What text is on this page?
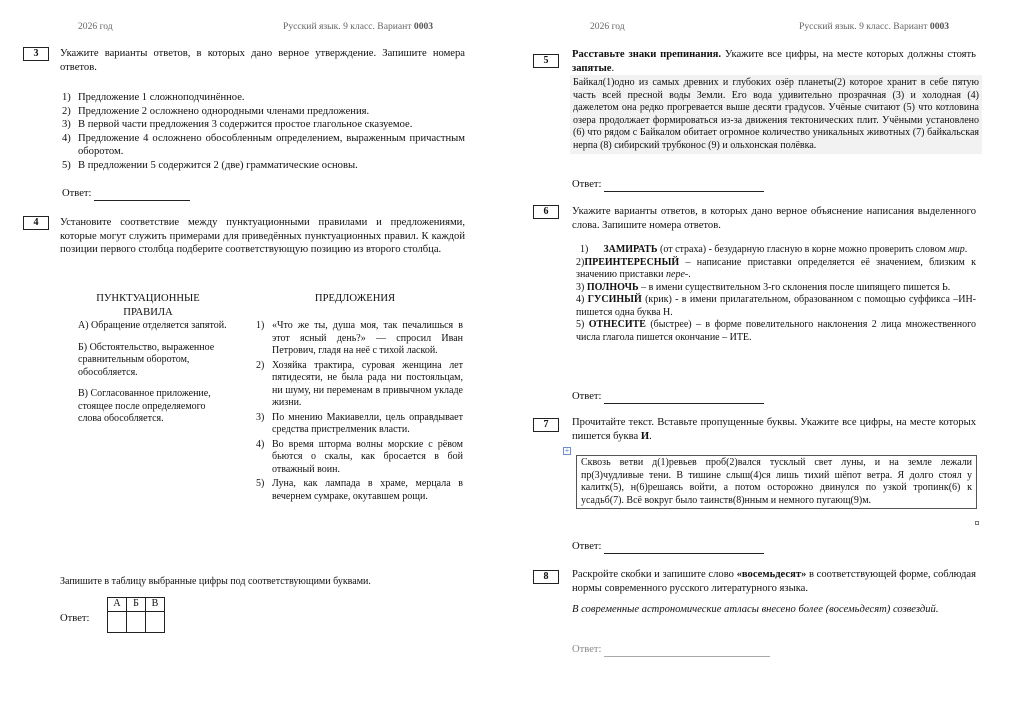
2026 год	Русский язык. 9 класс. Вариант 0003
3	Укажите варианты ответов, в которых дано верное утверждение. Запишите номера ответов.
1) Предложение 1 сложноподчинённое.
2) Предложение 2 осложнено однородными членами предложения.
3) В первой части предложения 3 содержится простое глагольное сказуемое.
4) Предложение 4 осложнено обособленным определением, выраженным причастным оборотом.
5) В предложении 5 содержится 2 (две) грамматические основы.
Ответ:
4	Установите соответствие между пунктуационными правилами и предложениями, которые могут служить примерами для приведённых пунктуационных правил. К каждой позиции первого столбца подберите соответствующую позицию из второго столбца.
ПУНКТУАЦИОННЫЕ ПРАВИЛА
ПРЕДЛОЖЕНИЯ

А) Обращение отделяется запятой.

Б) Обстоятельство, выраженное сравнительным оборотом, обособляется.

В) Согласованное приложение, стоящее после определяемого слова обособляется.

1) «Что же ты, душа моя, так печалишься в этот ясный день?» — спросил Иван Петрович, гладя на неё с тихой лаской.
2) Хозяйка трактира, суровая женщина лет пятидесяти, не была рада ни постояльцам, ни шуму, ни переменам в привычном укладе жизни.
3) По мнению Макиавелли, цель оправдывает средства пристрелменик власти.
4) Во время шторма волны морские с рёвом бьются о скалы, как бросается в бой отважный воин.
5) Луна, как лампада в храме, мерцала в вечернем сумраке, окутавшем рощи.
Запишите в таблицу выбранные цифры под соответствующими буквами.
Ответ:
А	Б	В

2026 год	Русский язык. 9 класс. Вариант 0003
5
Расставьте знаки препинания. Укажите все цифры, на месте которых должны стоять запятые.
Байкал(1)одно из самых древних и глубоких озёр планеты(2) которое хранит в себе пятую часть всей пресной воды Земли. Его вода удивительно прозрачная (3) и холодная (4) дажелетом она редко прогревается выше десяти градусов. Учёные считают (5) что котловина озера продолжает формироваться из-за движения тектонических плит. Учёными установлено (6) что рядом с Байкалом обитает огромное количество уникальных животных (7) байкальская нерпа (8) сибирский трубконос (9) и ольхонская полёвка.
Ответ:
6	Укажите варианты ответов, в которых дано верное объяснение написания выделенного слова. Запишите номера ответов.

1) ЗАМИРАТЬ (от страха) - безударную гласную в корне можно проверить словом мир.

2)ПРЕИНТЕРЕСНЫЙ – написание приставки определяется её значением, близким к значению приставки пере-.

3) ПОЛНОЧЬ – в имени существительном 3-го склонения после шипящего пишется Ь.

4) ГУСИНЫЙ (крик) - в имени прилагательном, образованном с помощью суффикса –ИН- пишется одна буква Н.

5) ОТНЕСИТЕ (быстрее) – в форме повелительного наклонения 2 лица множественного числа глагола пишется окончание – ИТЕ.

Ответ:
7	Прочитайте текст. Вставьте пропущенные буквы. Укажите все цифры, на месте которых пишется буква И.
+
Сквозь ветви д(1)ревьев проб(2)вался тусклый свет луны, и на земле лежали пр(3)чудливые тени. В тишине слыш(4)ся лишь тихий шёпот ветра. Я долго стоял у калитк(5), н(6)решаясь войти, а потом осторожно двинулся по узкой тропинк(6) к усадьб(7). Всё вокруг было таинств(8)нным и немного пугающ(9)м.
Ответ:
8	Раскройте скобки и запишите слово «восемьдесят» в соответствующей форме, соблюдая нормы современного русского литературного языка.
В современные астрономические атласы внесено более (восемьдесят) созвездий.
Ответ:
